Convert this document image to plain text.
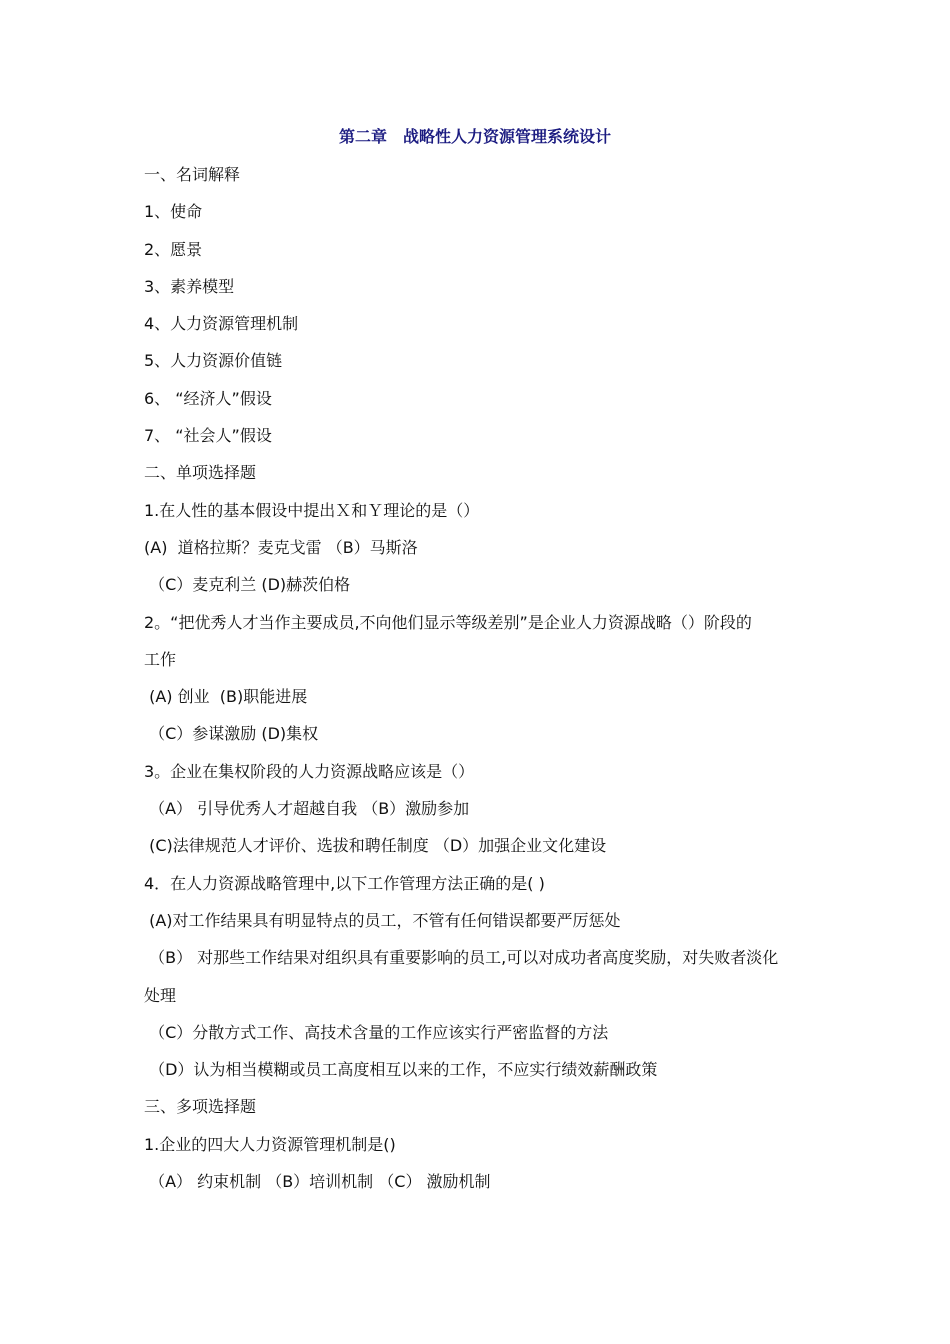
第二章　战略性人力资源管理系统设计
一、名词解释
1、使命
2、愿景
3、素养模型
4、人力资源管理机制
5、人力资源价值链
6、 “经济人”假设
7、 “社会人”假设
二、单项选择题
1.在人性的基本假设中提出Ｘ和Ｙ理论的是（）
(A)  道格拉斯？麦克戈雷 （B）马斯洛
（C）麦克利兰 (D)赫茨伯格
2。“把优秀人才当作主要成员,不向他们显示等级差别”是企业人力资源战略（）阶段的
工作
(A) 创业  (B)职能进展
（C）参谋激励 (D)集权
3。企业在集权阶段的人力资源战略应该是（）
（A） 引导优秀人才超越自我 （B）激励参加
(C)法律规范人才评价、选拔和聘任制度 （D）加强企业文化建设
4．在人力资源战略管理中,以下工作管理方法正确的是( )
(A)对工作结果具有明显特点的员工，不管有任何错误都要严厉惩处
（B） 对那些工作结果对组织具有重要影响的员工,可以对成功者高度奖励，对失败者淡化
处理
（C）分散方式工作、高技术含量的工作应该实行严密监督的方法
（D）认为相当模糊或员工高度相互以来的工作，不应实行绩效薪酬政策
三、多项选择题
1.企业的四大人力资源管理机制是()
（A） 约束机制 （B）培训机制 （C） 激励机制
